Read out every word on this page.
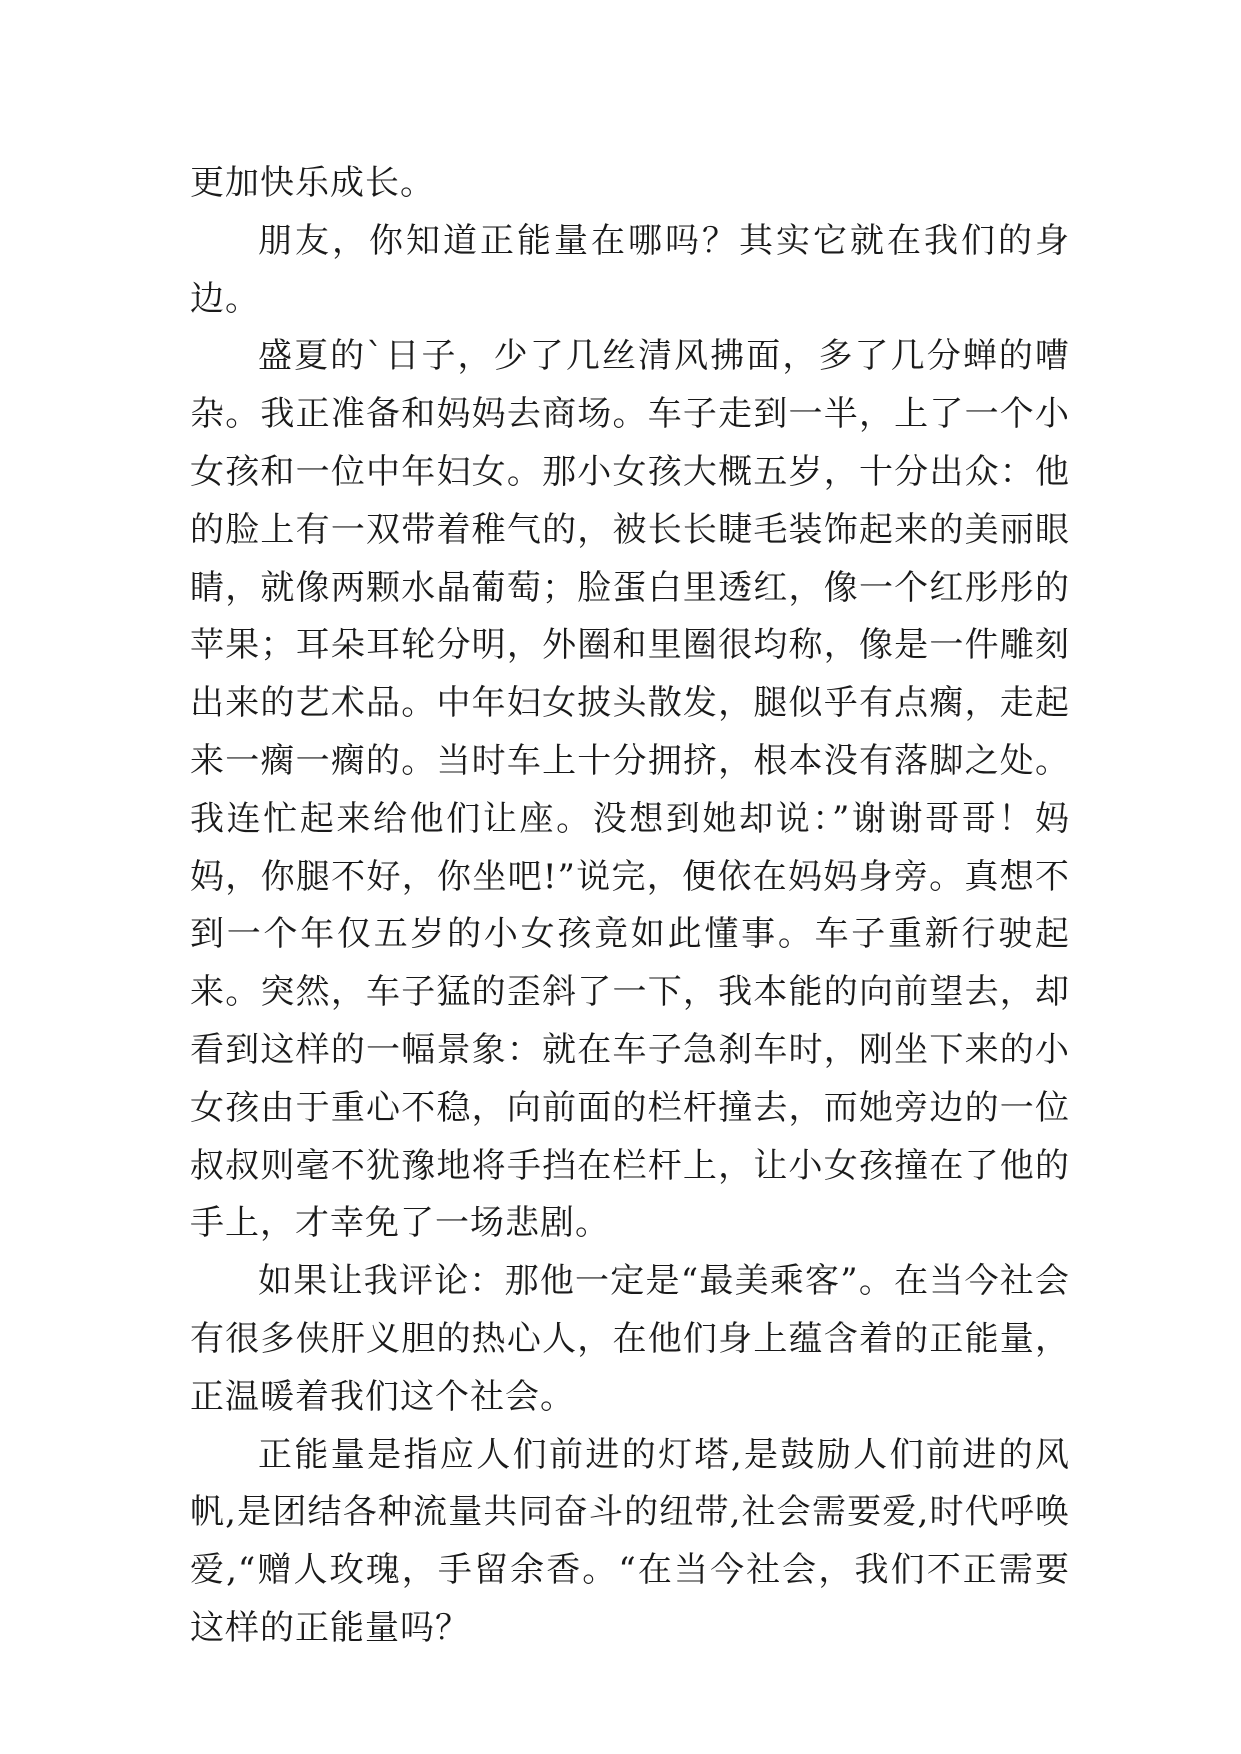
更加快乐成长。

朋友，你知道正能量在哪吗？其实它就在我们的身边。

盛夏的`日子，少了几丝清风拂面，多了几分蝉的嘈杂。我正准备和妈妈去商场。车子走到一半，上了一个小女孩和一位中年妇女。那小女孩大概五岁，十分出众：他的脸上有一双带着稚气的，被长长睫毛装饰起来的美丽眼睛，就像两颗水晶葡萄；脸蛋白里透红，像一个红彤彤的苹果；耳朵耳轮分明，外圈和里圈很均称，像是一件雕刻出来的艺术品。中年妇女披头散发，腿似乎有点瘸，走起来一瘸一瘸的。当时车上十分拥挤，根本没有落脚之处。我连忙起来给他们让座。没想到她却说：”谢谢哥哥！妈妈，你腿不好，你坐吧!”说完，便依在妈妈身旁。真想不到一个年仅五岁的小女孩竟如此懂事。车子重新行驶起来。突然，车子猛的歪斜了一下，我本能的向前望去，却看到这样的一幅景象：就在车子急刹车时，刚坐下来的小女孩由于重心不稳，向前面的栏杆撞去，而她旁边的一位叔叔则毫不犹豫地将手挡在栏杆上，让小女孩撞在了他的手上，才幸免了一场悲剧。

如果让我评论：那他一定是“最美乘客”。在当今社会有很多侠肝义胆的热心人，在他们身上蕴含着的正能量，正温暖着我们这个社会。

正能量是指应人们前进的灯塔,是鼓励人们前进的风帆,是团结各种流量共同奋斗的纽带,社会需要爱,时代呼唤爱,“赠人玫瑰，手留余香。“在当今社会，我们不正需要这样的正能量吗？
